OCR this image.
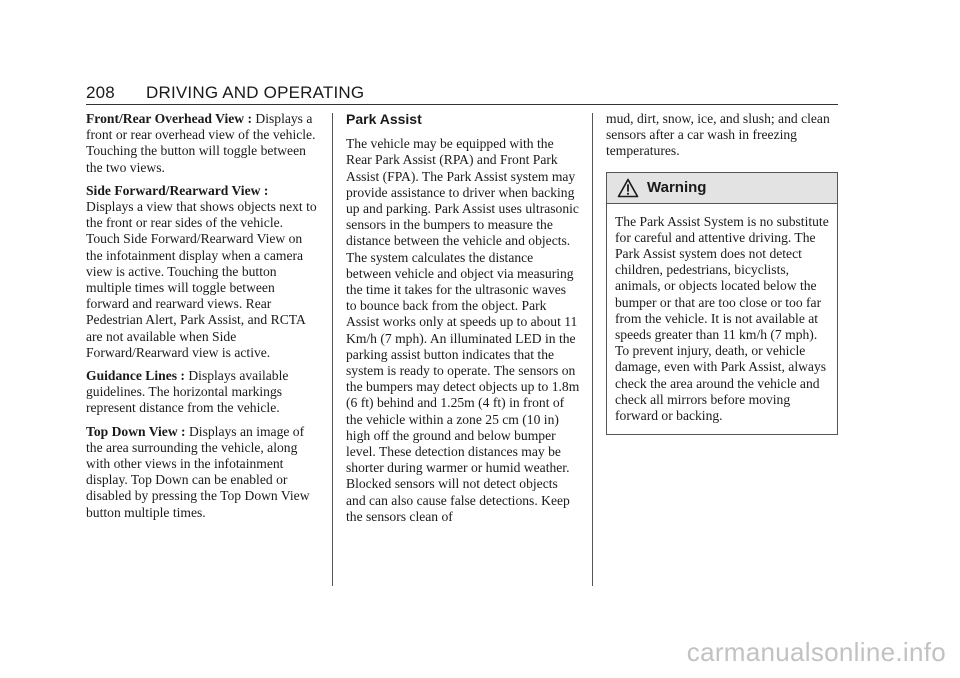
208 DRIVING AND OPERATING

Front/Rear Overhead View : Displays a front or rear overhead view of the vehicle. Touching the button will toggle between the two views.

Side Forward/Rearward View : Displays a view that shows objects next to the front or rear sides of the vehicle. Touch Side Forward/Rearward View on the infotainment display when a camera view is active. Touching the button multiple times will toggle between forward and rearward views. Rear Pedestrian Alert, Park Assist, and RCTA are not available when Side Forward/Rearward view is active.

Guidance Lines : Displays available guidelines. The horizontal markings represent distance from the vehicle.

Top Down View : Displays an image of the area surrounding the vehicle, along with other views in the infotainment display. Top Down can be enabled or disabled by pressing the Top Down View button multiple times.

Park Assist

The vehicle may be equipped with the Rear Park Assist (RPA) and Front Park Assist (FPA). The Park Assist system may provide assistance to driver when backing up and parking. Park Assist uses ultrasonic sensors in the bumpers to measure the distance between the vehicle and objects. The system calculates the distance between vehicle and object via measuring the time it takes for the ultrasonic waves to bounce back from the object. Park Assist works only at speeds up to about 11 Km/h (7 mph). An illuminated LED in the parking assist button indicates that the system is ready to operate. The sensors on the bumpers may detect objects up to 1.8m (6 ft) behind and 1.25m (4 ft) in front of the vehicle within a zone 25 cm (10 in) high off the ground and below bumper level. These detection distances may be shorter during warmer or humid weather. Blocked sensors will not detect objects and can also cause false detections. Keep the sensors clean of

mud, dirt, snow, ice, and slush; and clean sensors after a car wash in freezing temperatures.

Warning
The Park Assist System is no substitute for careful and attentive driving. The Park Assist system does not detect children, pedestrians, bicyclists, animals, or objects located below the bumper or that are too close or too far from the vehicle. It is not available at speeds greater than 11 km/h (7 mph). To prevent injury, death, or vehicle damage, even with Park Assist, always check the area around the vehicle and check all mirrors before moving forward or backing.
carmanualsonline.info
